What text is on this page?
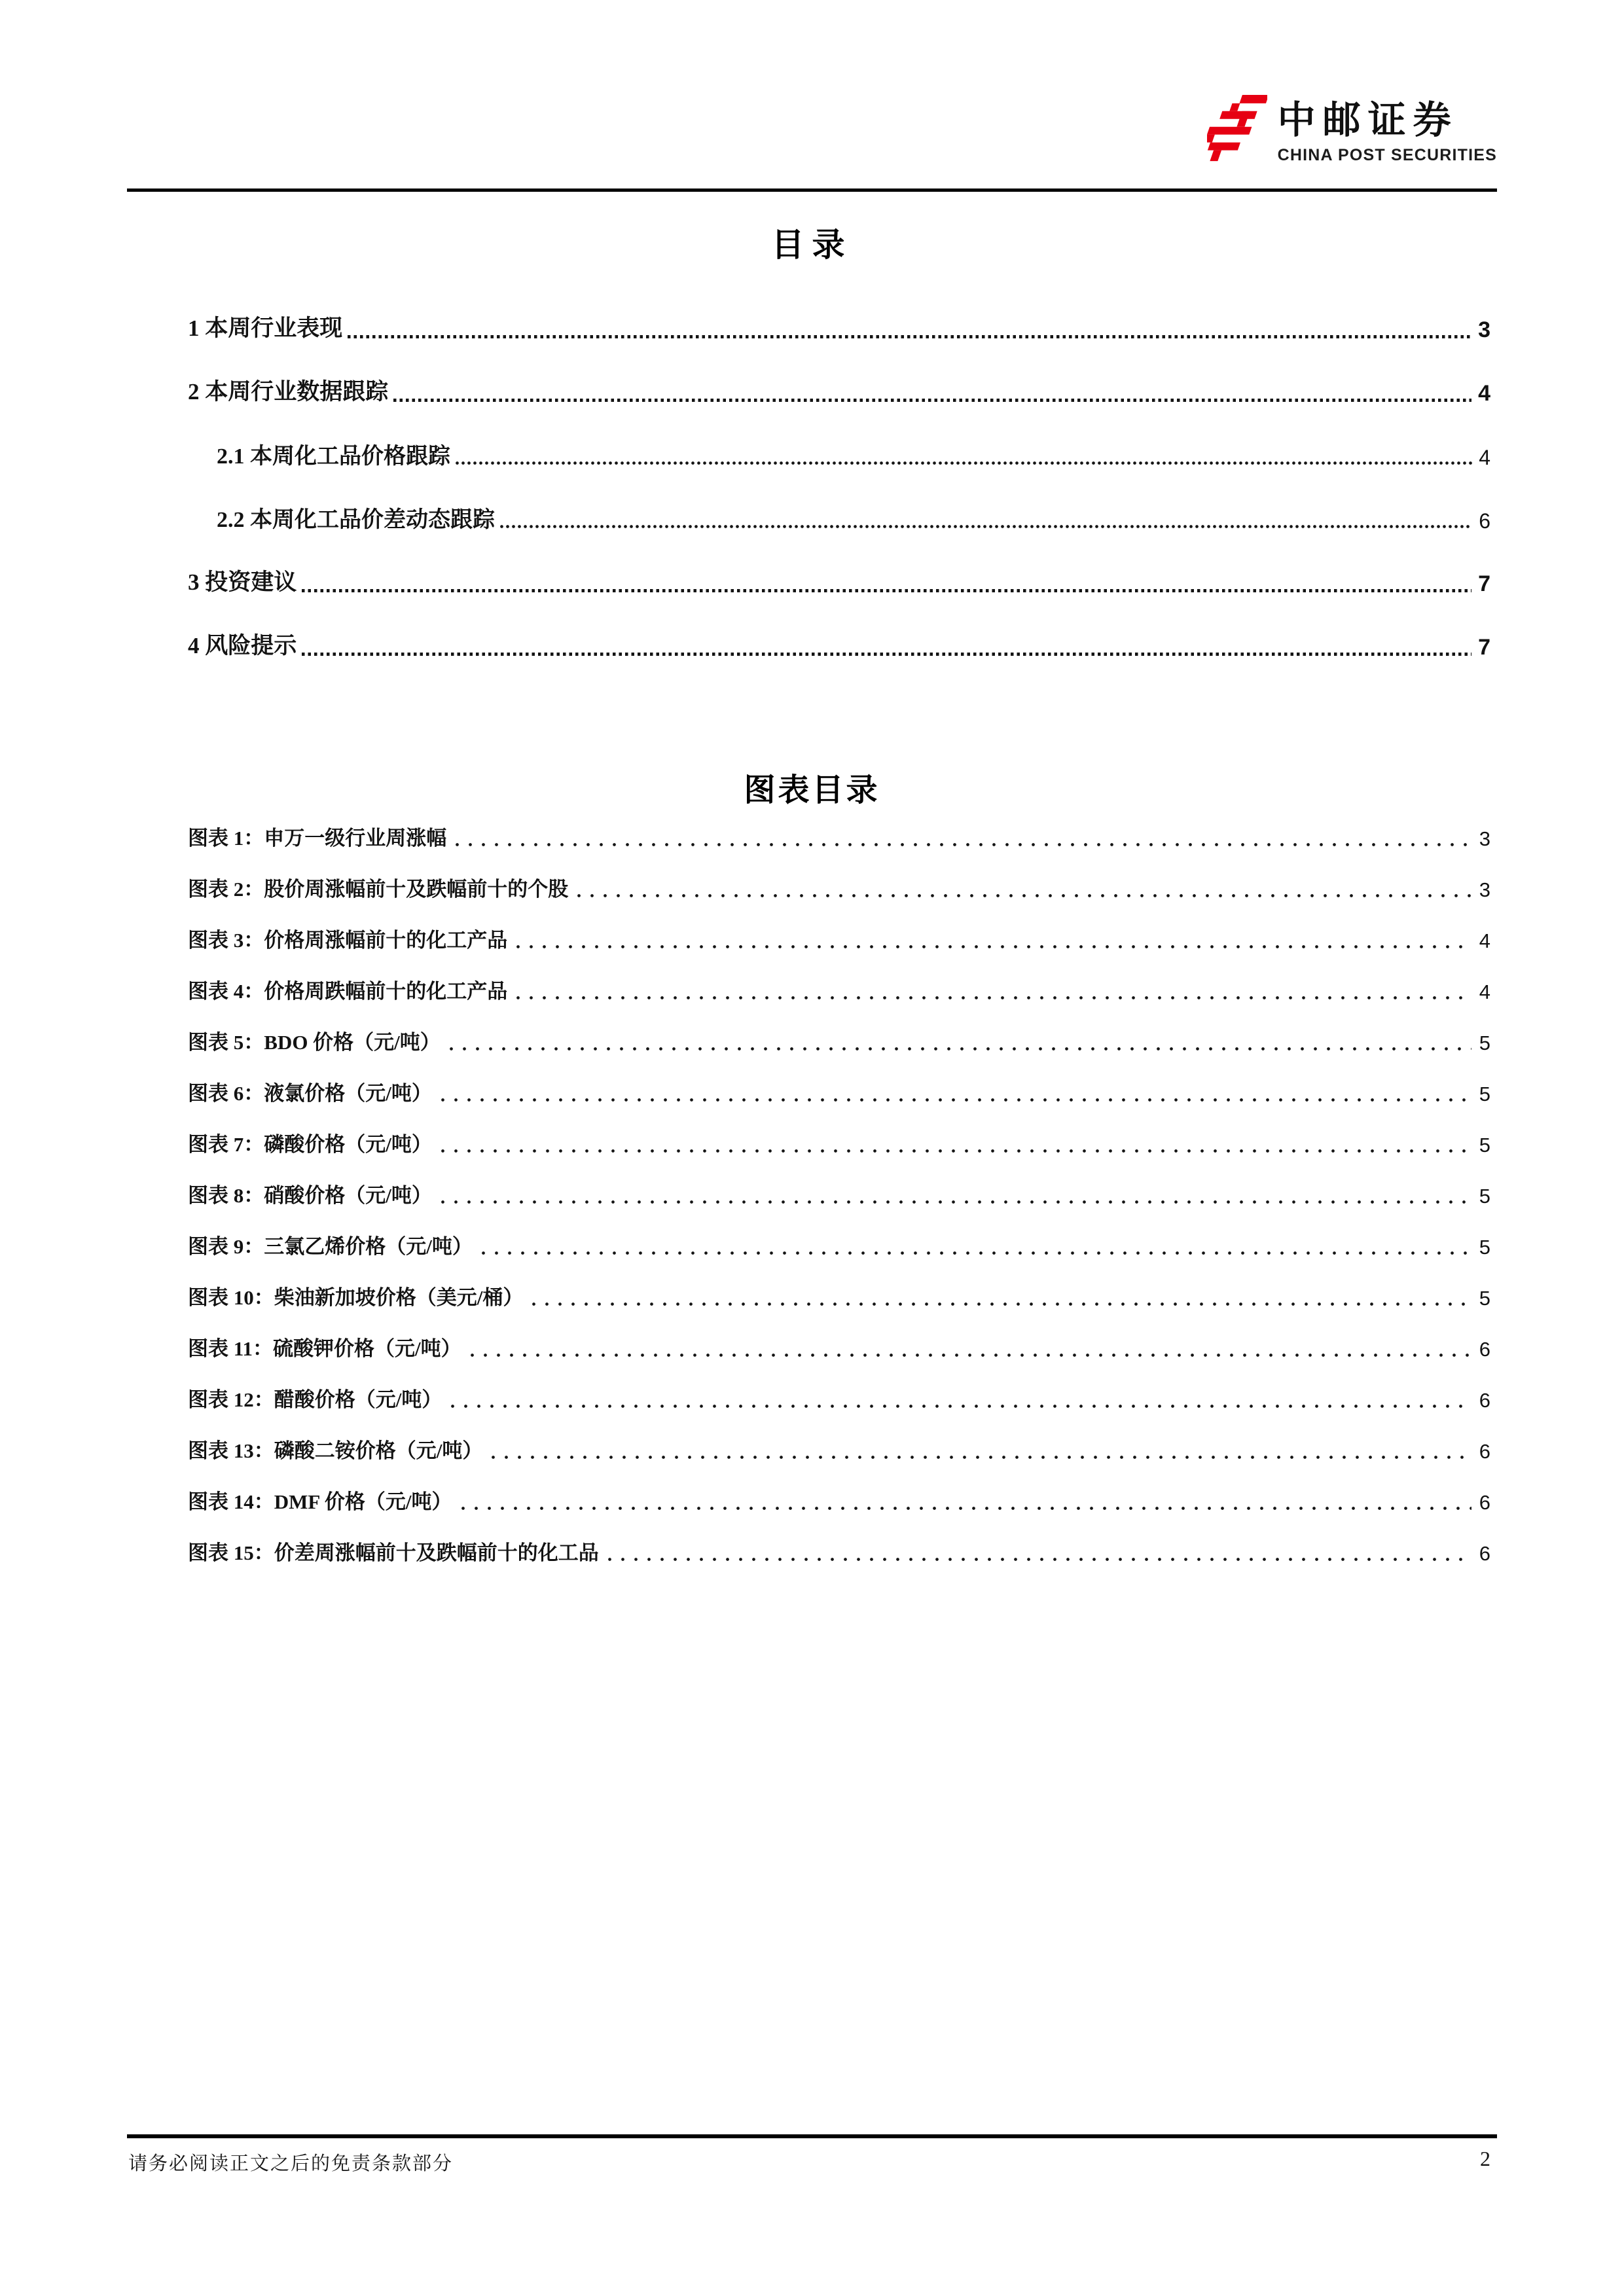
中邮证券
CHINA POST SECURITIES
目录
1 本周行业表现	3
2 本周行业数据跟踪	4
2.1 本周化工品价格跟踪	4
2.2 本周化工品价差动态跟踪	6
3 投资建议	7
4 风险提示	7
图表目录
图表 1：申万一级行业周涨幅	3
图表 2：股价周涨幅前十及跌幅前十的个股	3
图表 3：价格周涨幅前十的化工产品	4
图表 4：价格周跌幅前十的化工产品	4
图表 5：BDO 价格（元/吨）	5
图表 6：液氯价格（元/吨）	5
图表 7：磷酸价格（元/吨）	5
图表 8：硝酸价格（元/吨）	5
图表 9：三氯乙烯价格（元/吨）	5
图表 10：柴油新加坡价格（美元/桶）	5
图表 11：硫酸钾价格（元/吨）	6
图表 12：醋酸价格（元/吨）	6
图表 13：磷酸二铵价格（元/吨）	6
图表 14：DMF 价格（元/吨）	6
图表 15：价差周涨幅前十及跌幅前十的化工品	6
请务必阅读正文之后的免责条款部分	2
